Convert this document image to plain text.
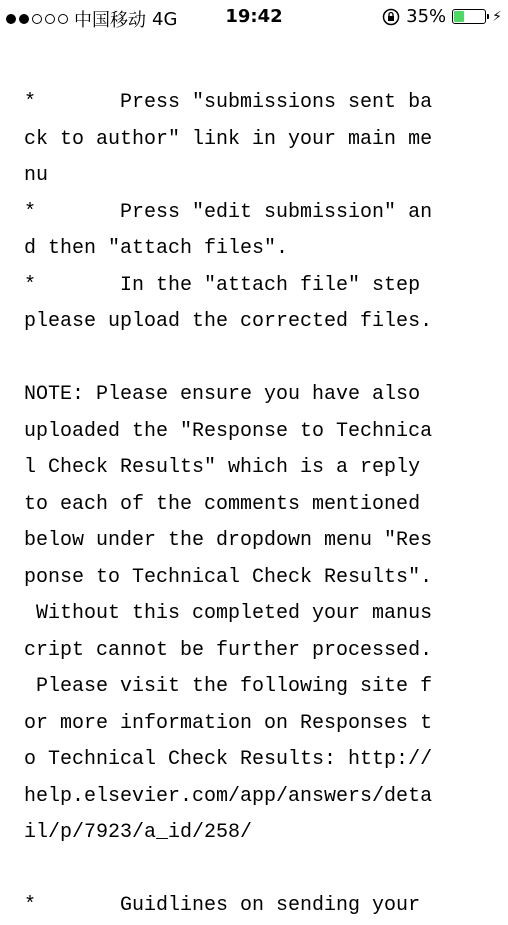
中国移动 4G	19:42	35%	⚡
*       Press "submissions sent ba
ck to author" link in your main me
nu
*       Press "edit submission" an
d then "attach files".
*       In the "attach file" step
please upload the corrected files.
NOTE: Please ensure you have also
uploaded the "Response to Technica
l Check Results" which is a reply
to each of the comments mentioned
below under the dropdown menu "Res
ponse to Technical Check Results".
Without this completed your manus
cript cannot be further processed.
Please visit the following site f
or more information on Responses t
o Technical Check Results: http://
help.elsevier.com/app/answers/deta
il/p/7923/a_id/258/
*       Guidlines on sending your
